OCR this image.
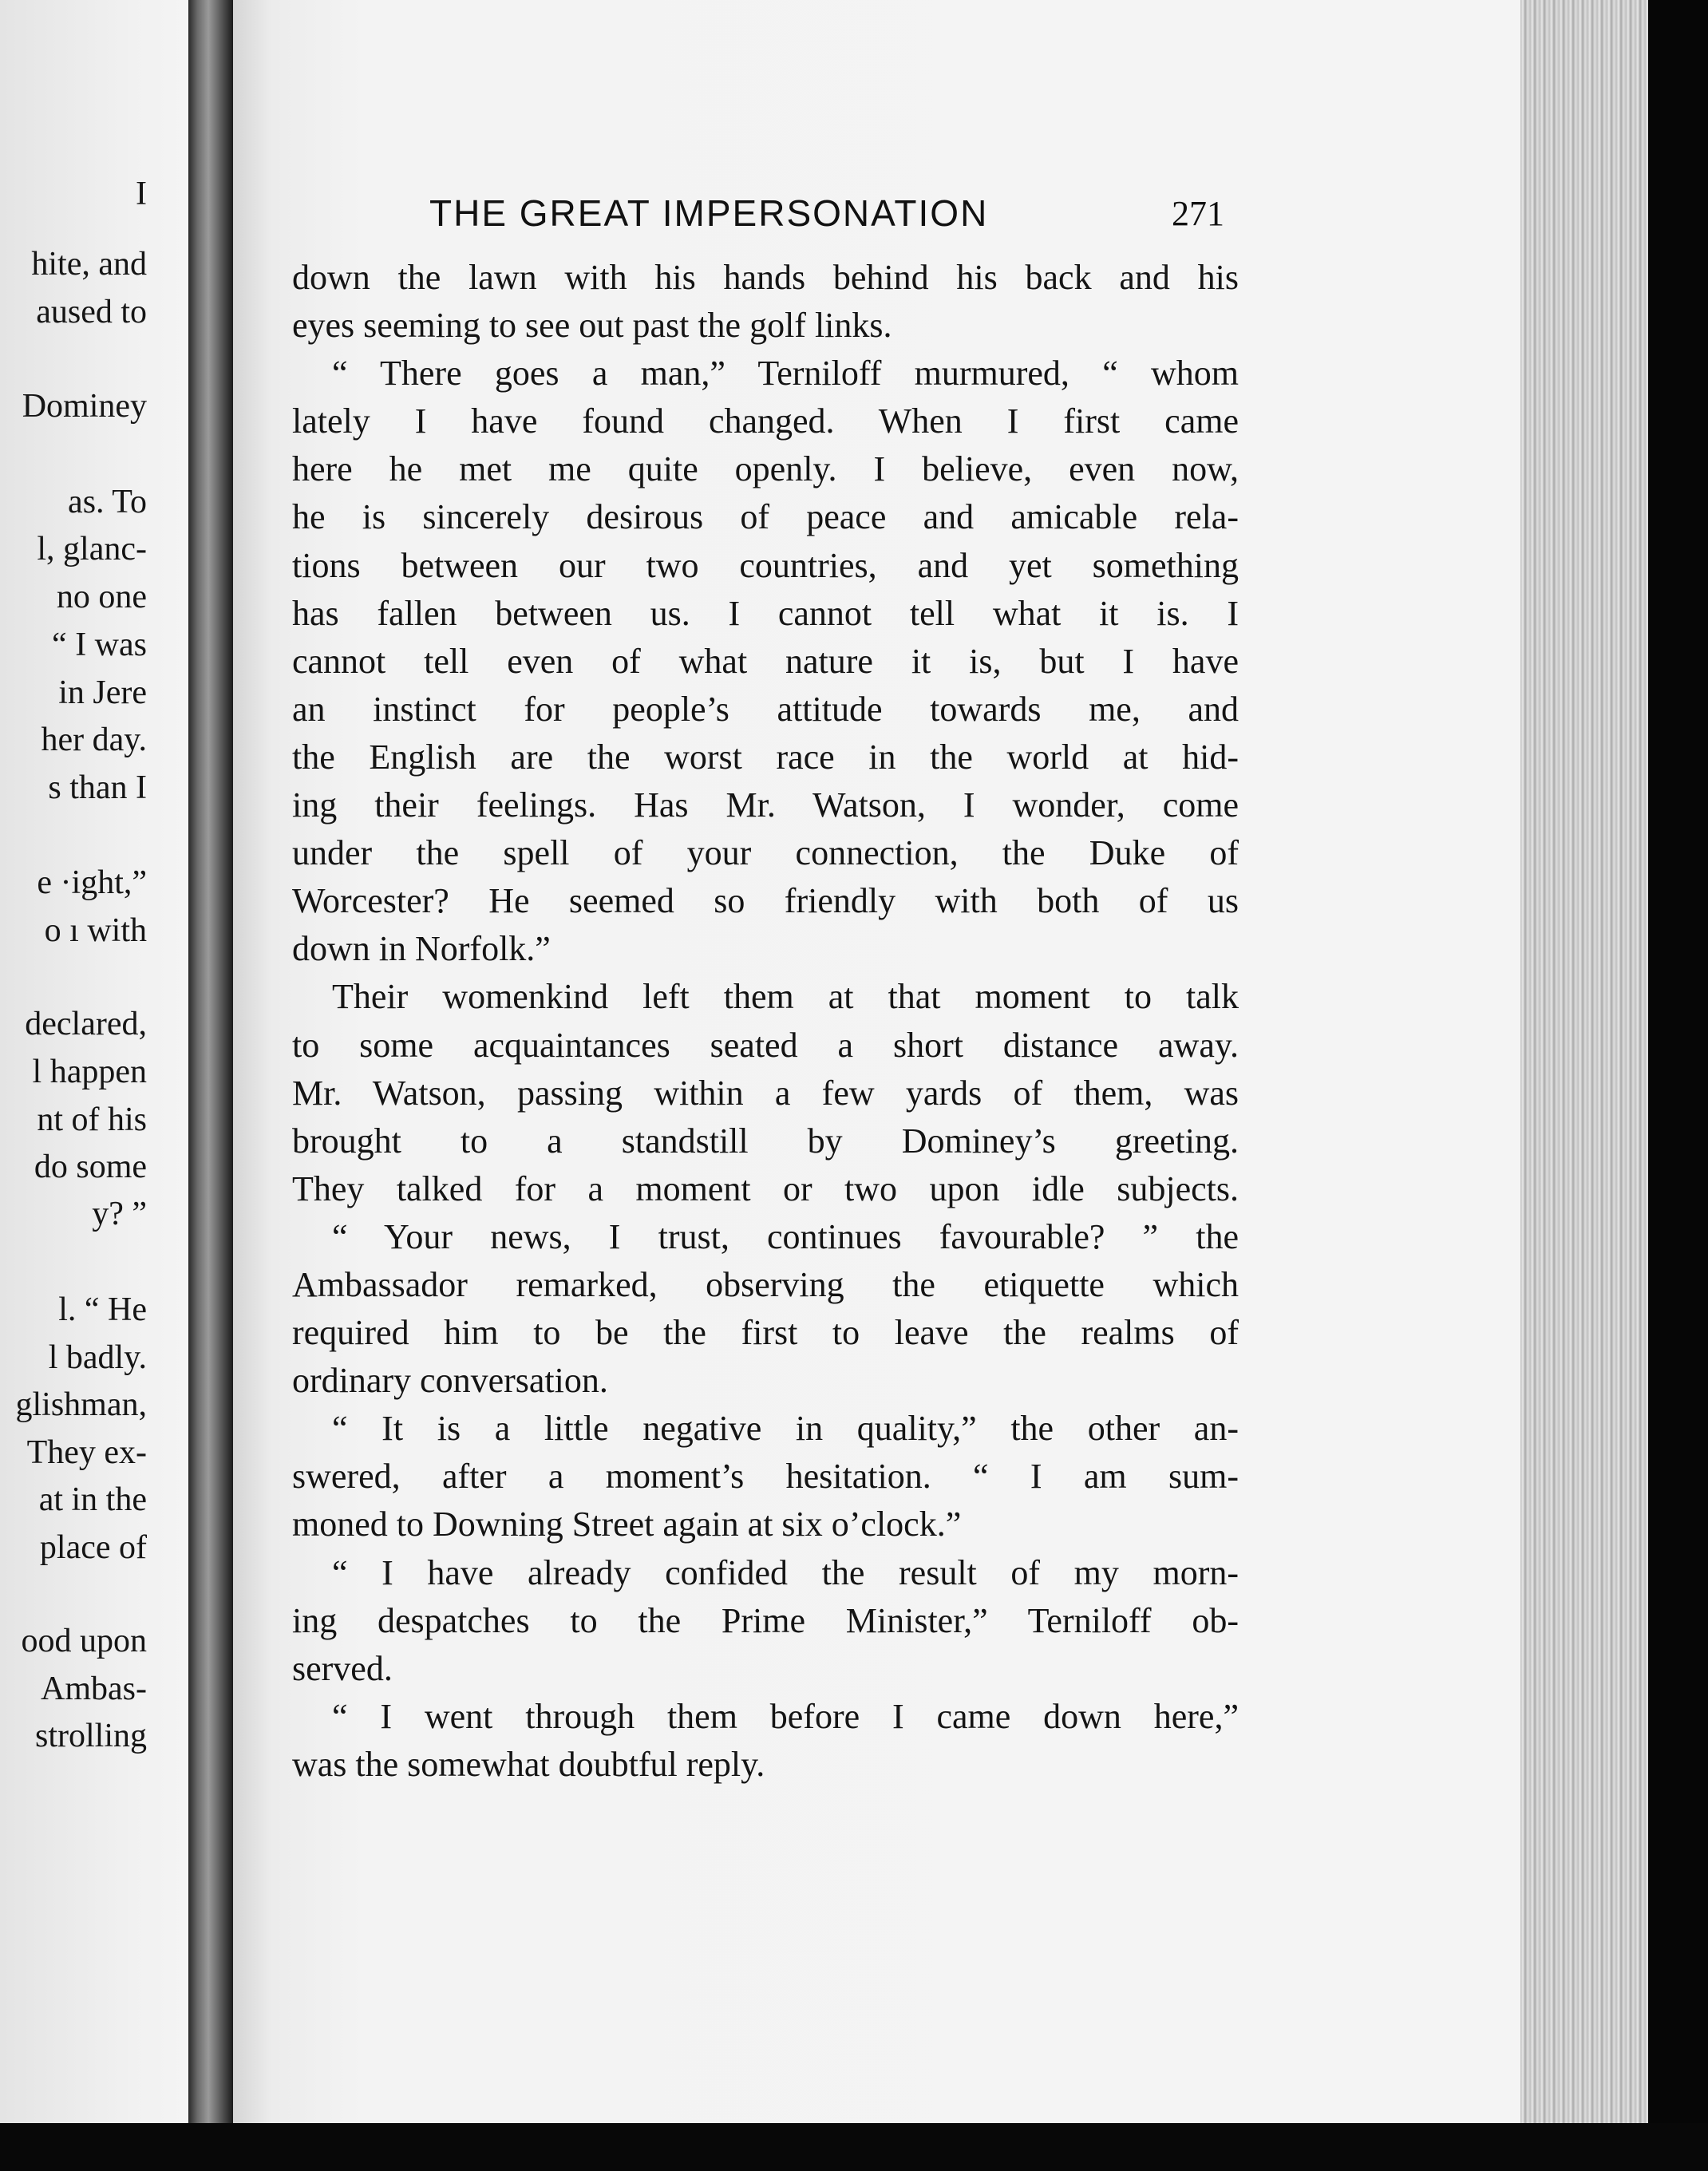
I
hite, and
aused to
Dominey
as. To
l, glanc-
no one
“ I was
in Jere
her day.
s than I
e ·ight,”
o ı with
declared,
l happen
nt of his
do some
y? ”
l. “ He
l badly.
glishman,
They ex-
at in the
place of
ood upon
Ambas-
strolling
THE GREAT IMPERSONATION	271
down the lawn with his hands behind his back and his
eyes seeming to see out past the golf links.
“ There goes a man,” Terniloff murmured, “ whom
lately I have found changed. When I first came
here he met me quite openly. I believe, even now,
he is sincerely desirous of peace and amicable rela-
tions between our two countries, and yet something
has fallen between us. I cannot tell what it is. I
cannot tell even of what nature it is, but I have
an instinct for people’s attitude towards me, and
the English are the worst race in the world at hid-
ing their feelings. Has Mr. Watson, I wonder, come
under the spell of your connection, the Duke of
Worcester? He seemed so friendly with both of us
down in Norfolk.”
Their womenkind left them at that moment to talk
to some acquaintances seated a short distance away.
Mr. Watson, passing within a few yards of them, was
brought to a standstill by Dominey’s greeting.
They talked for a moment or two upon idle subjects.
“ Your news, I trust, continues favourable? ” the
Ambassador remarked, observing the etiquette which
required him to be the first to leave the realms of
ordinary conversation.
“ It is a little negative in quality,” the other an-
swered, after a moment’s hesitation. “ I am sum-
moned to Downing Street again at six o’clock.”
“ I have already confided the result of my morn-
ing despatches to the Prime Minister,” Terniloff ob-
served.
“ I went through them before I came down here,”
was the somewhat doubtful reply.
